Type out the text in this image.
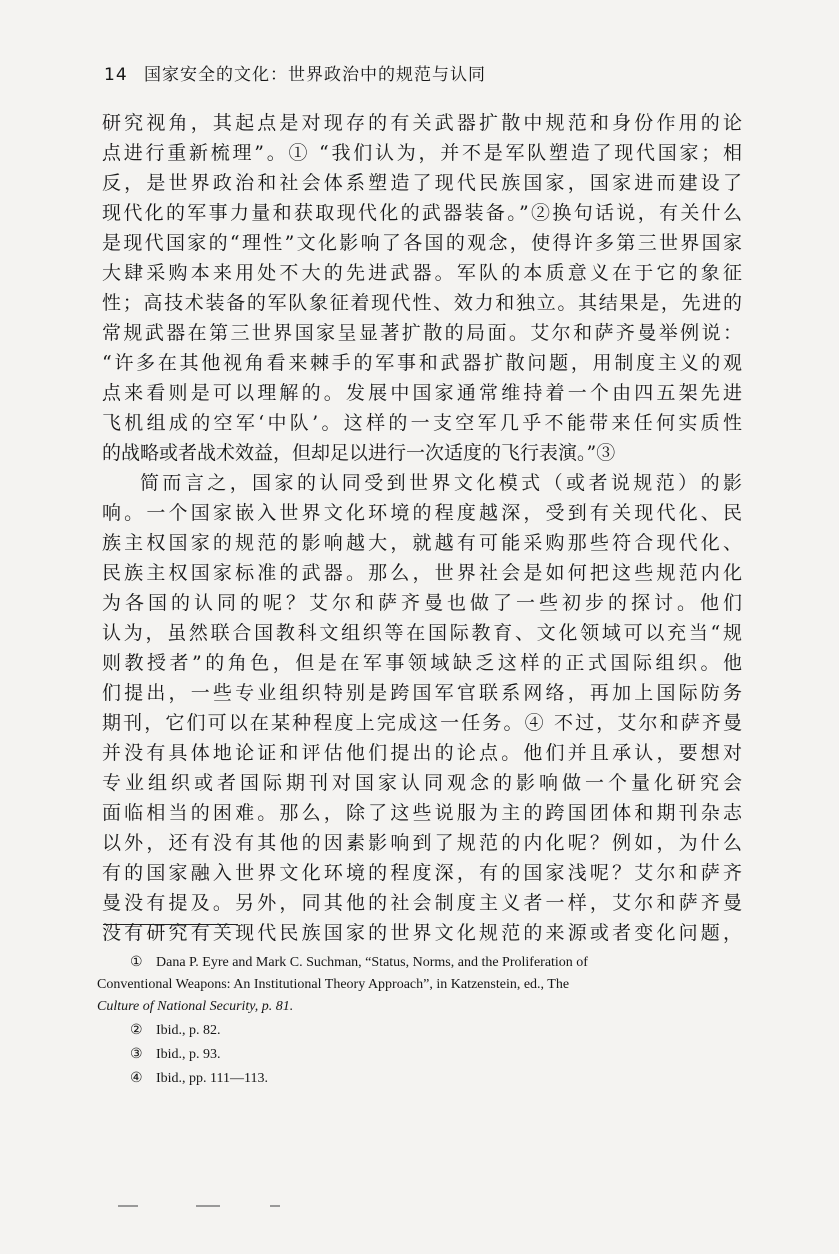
14 国家安全的文化：世界政治中的规范与认同
研究视角，其起点是对现存的有关武器扩散中规范和身份作用的论
点进行重新梳理”。① “我们认为，并不是军队塑造了现代国家；相
反，是世界政治和社会体系塑造了现代民族国家，国家进而建设了
现代化的军事力量和获取现代化的武器装备。”②换句话说，有关什么
是现代国家的“理性”文化影响了各国的观念，使得许多第三世界国家
大肆采购本来用处不大的先进武器。军队的本质意义在于它的象征
性；高技术装备的军队象征着现代性、效力和独立。其结果是，先进的
常规武器在第三世界国家呈显著扩散的局面。艾尔和萨齐曼举例说：
“许多在其他视角看来棘手的军事和武器扩散问题，用制度主义的观
点来看则是可以理解的。发展中国家通常维持着一个由四五架先进
飞机组成的空军‘中队’。这样的一支空军几乎不能带来任何实质性
的战略或者战术效益，但却足以进行一次适度的飞行表演。”③
简而言之，国家的认同受到世界文化模式（或者说规范）的影
响。一个国家嵌入世界文化环境的程度越深，受到有关现代化、民
族主权国家的规范的影响越大，就越有可能采购那些符合现代化、
民族主权国家标准的武器。那么，世界社会是如何把这些规范内化
为各国的认同的呢？艾尔和萨齐曼也做了一些初步的探讨。他们
认为，虽然联合国教科文组织等在国际教育、文化领域可以充当“规
则教授者”的角色，但是在军事领域缺乏这样的正式国际组织。他
们提出，一些专业组织特别是跨国军官联系网络，再加上国际防务
期刊，它们可以在某种程度上完成这一任务。④ 不过，艾尔和萨齐曼
并没有具体地论证和评估他们提出的论点。他们并且承认，要想对
专业组织或者国际期刊对国家认同观念的影响做一个量化研究会
面临相当的困难。那么，除了这些说服为主的跨国团体和期刊杂志
以外，还有没有其他的因素影响到了规范的内化呢？例如，为什么
有的国家融入世界文化环境的程度深，有的国家浅呢？艾尔和萨齐
曼没有提及。另外，同其他的社会制度主义者一样，艾尔和萨齐曼
没有研究有关现代民族国家的世界文化规范的来源或者变化问题，
① Dana P. Eyre and Mark C. Suchman, “Status, Norms, and the Proliferation of
Conventional Weapons: An Institutional Theory Approach”, in Katzenstein, ed., The
Culture of National Security, p. 81.
② Ibid., p. 82.
③ Ibid., p. 93.
④ Ibid., pp. 111—113.
